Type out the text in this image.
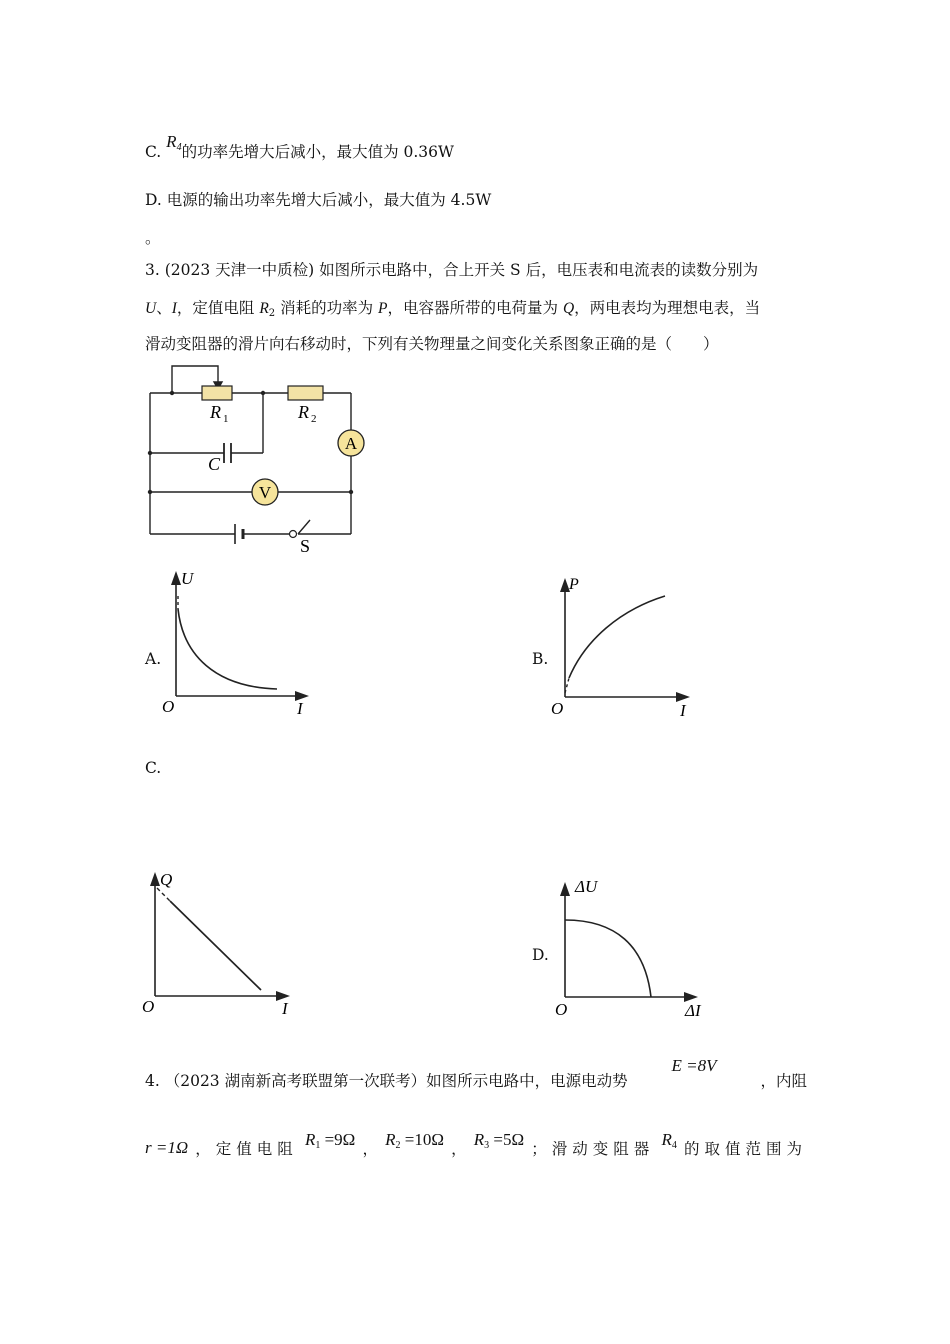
C. $R_4$的功率先增大后减小，最大值为 0.36W
D. 电源的输出功率先增大后减小，最大值为 4.5W
。
3. (2023 天津一中质检) 如图所示电路中，合上开关 S 后，电压表和电流表的读数分别为
U、I，定值电阻 $R_2$ 消耗的功率为 P，电容器所带的电荷量为 Q，两电表均为理想电表，当
滑动变阻器的滑片向右移动时，下列有关物理量之间变化关系图象正确的是（　　）
A
V
R 1	R 2
C
S
A.
U
I
O
B.
P
I
O
C.
Q
I
O
D.
ΔU
ΔI
O
4. （2023 湖南新高考联盟第一次联考）如图所示电路中，电源电动势
E =8V
，内阻
r =1Ω ，定值电阻
$R_1 =9\Omega$
，
$R_2 =10\Omega$
，
$R_3 =5\Omega$
；滑动变阻器
$R_4$ 的取值范围为
